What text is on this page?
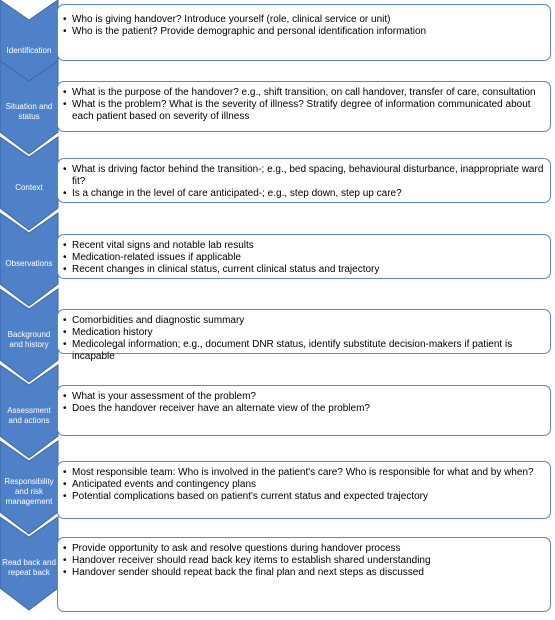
Identification
• Who is giving handover? Introduce yourself (role, clinical service or unit)
• Who is the patient? Provide demographic and personal identification information
Situation and status
• What is the purpose of the handover? e.g., shift transition, on call handover, transfer of care, consultation
• What is the problem? What is the severity of illness? Stratify degree of information communicated about each patient based on severity of illness
Context
• What is driving factor behind the transition-; e.g., bed spacing, behavioural disturbance, inappropriate ward fit?
• Is a change in the level of care anticipated-; e.g., step down, step up care?
Observations
• Recent vital signs and notable lab results
• Medication-related issues if applicable
• Recent changes in clinical status, current clinical status and trajectory
Background and history
• Comorbidities and diagnostic summary
• Medication history
• Medicolegal information; e.g., document DNR status, identify substitute decision-makers if patient is incapable
Assessment and actions
• What is your assessment of the problem?
• Does the handover receiver have an alternate view of the problem?
Responsibility and risk management
• Most responsible team: Who is involved in the patient's care? Who is responsible for what and by when?
• Anticipated events and contingency plans
• Potential complications based on patient's current status and expected trajectory
Read back and repeat back
• Provide opportunity to ask and resolve questions during handover process
• Handover receiver should read back key items to establish shared understanding
• Handover sender should repeat back the final plan and next steps as discussed
